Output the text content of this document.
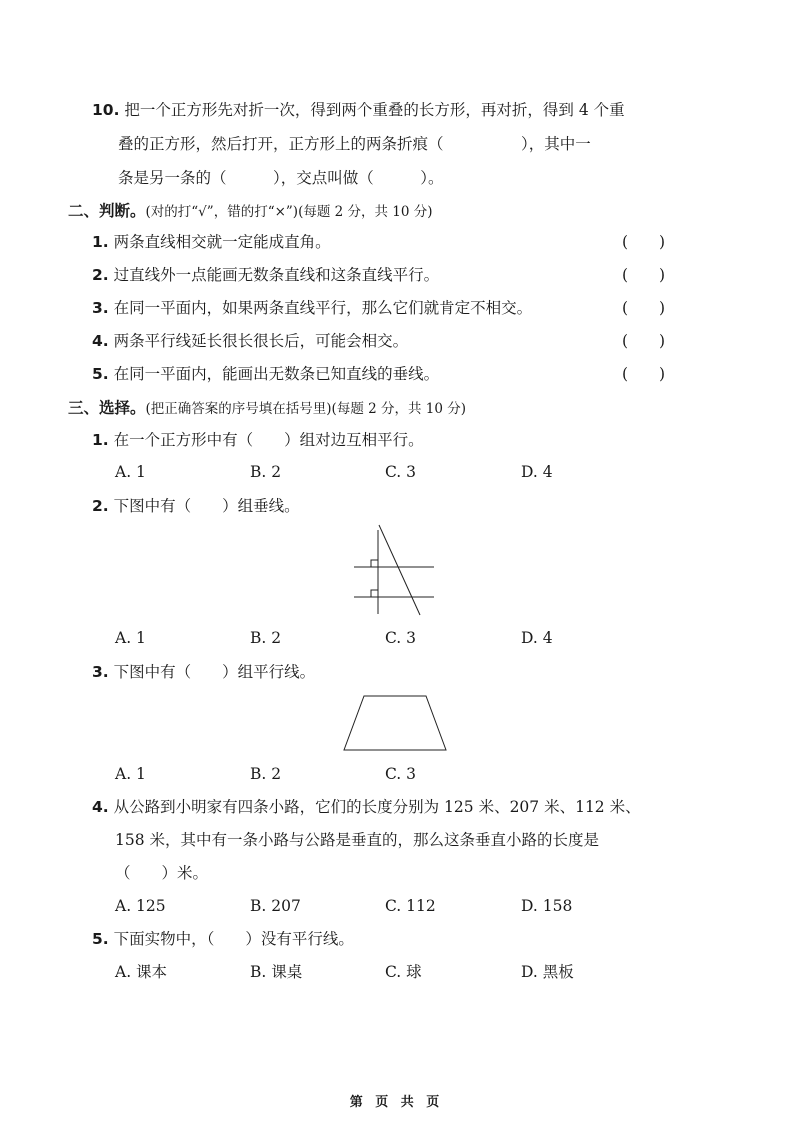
10. 把一个正方形先对折一次，得到两个重叠的长方形，再对折，得到 4 个重
叠的正方形，然后打开，正方形上的两条折痕（　　　　　），其中一
条是另一条的（　　　），交点叫做（　　　）。
二、判断。(对的打“√”，错的打“×”)(每题 2 分，共 10 分)
1. 两条直线相交就一定能成直角。	(　　)
2. 过直线外一点能画无数条直线和这条直线平行。	(　　)
3. 在同一平面内，如果两条直线平行，那么它们就肯定不相交。	(　　)
4. 两条平行线延长很长很长后，可能会相交。	(　　)
5. 在同一平面内，能画出无数条已知直线的垂线。	(　　)
三、选择。(把正确答案的序号填在括号里)(每题 2 分，共 10 分)
1. 在一个正方形中有（　　）组对边互相平行。
A. 1	B. 2	C. 3	D. 4
2. 下图中有（　　）组垂线。
A. 1	B. 2	C. 3	D. 4
3. 下图中有（　　）组平行线。
A. 1	B. 2	C. 3
4. 从公路到小明家有四条小路，它们的长度分别为 125 米、207 米、112 米、
158 米，其中有一条小路与公路是垂直的，那么这条垂直小路的长度是
（　　）米。
A. 125	B. 207	C. 112	D. 158
5. 下面实物中，（　　）没有平行线。
A. 课本	B. 课桌	C. 球	D. 黑板
第 页 共 页
